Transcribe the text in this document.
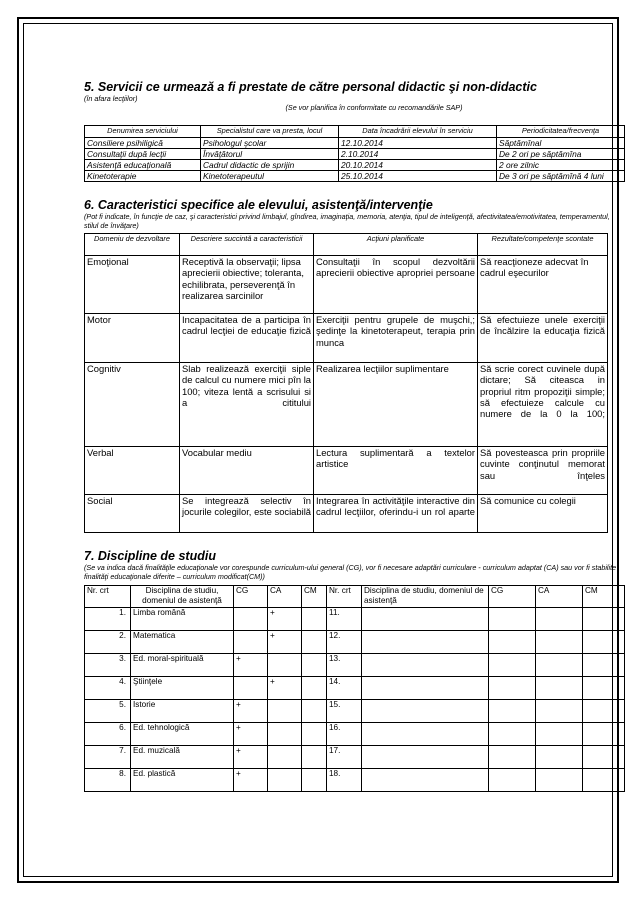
5. Servicii ce urmează a fi prestate de către personal didactic şi non-didactic
(în afara lecţiilor)
(Se vor planifica în conformitate cu recomandările SAP)
Denumirea serviciului	Specialistul care va presta, locul	Data încadrării elevului în serviciu	Periodicitatea/frecvenţa
Consiliere psihiligică	Psihologul şcolar	12.10.2014	Săptămînal
Consultaţii după lecţii	Învăţătorul	2.10.2014	De 2 ori pe săptămîna
Asistenţă educaţională	Cadrul didactic de sprijin	20.10.2014	2 ore zilnic
Kinetoterapie	Kinetoterapeutul	25.10.2014	De 3 ori pe săptămînă 4 luni
6. Caracteristici specifice ale elevului, asistenţă/intervenţie
(Pot fi indicate, în funcţie de caz, şi caracteristici privind limbajul, gîndirea, imaginaţia, memoria, atenţia, tipul de inteligenţă, afectivitatea/emotivitatea, temperamentul, stilul de învăţare)
Domeniu de dezvoltare	Descriere succintă a caracteristicii	Acţiuni planificate	Rezultate/competenţe scontate
Emoţional	Receptivă la observaţii; lipsa aprecierii obiective; toleranta, echilibrata, perseverenţă în realizarea sarcinilor	Consultaţii în scopul dezvoltării aprecierii obiective apropriei persoane	Să reacţioneze adecvat în cadrul eşecurilor
Motor	Incapacitatea de a participa în cadrul lecţiei de educaţie fizică	Exerciţii pentru grupele de muşchi,; şedinţe la kinetoterapeut, terapia prin munca	Să efectuieze unele exerciţii de încălzire la educaţia fizică
Cognitiv	Slab realizează exerciţii siple de calcul cu numere mici pîn la 100; viteza lentă a scrisului si a cititului	Realizarea lecţiilor suplimentare	Să scrie corect cuvinele după dictare; Să citeasca in propriul ritm propoziţii simple; să efectuieze calcule cu numere de la 0 la 100;
Verbal	Vocabular mediu	Lectura suplimentară a textelor artistice	Să povesteasca prin propriile cuvinte conţinutul memorat sau înţeles
Social	Se integrează selectiv în jocurile colegilor, este sociabilă	Integrarea în activităţile interactive din cadrul lecţiilor, oferindu-i un rol aparte	Să comunice cu colegii
7. Discipline de studiu
(Se va indica dacă finalităţile educaţionale vor corespunde curriculum-ului general (CG), vor fi necesare adaptări curriculare - curriculum adaptat (CA) sau vor fi stabilite finalităţi educaţionale diferite – curriculum modificat(CM))
Nr. crt	Disciplina de studiu, domeniul de asistenţă	CG	CA	CM	Nr. crt	Disciplina de studiu, domeniul de asistenţă	CG	CA	CM
1.	Limba română		+		11.				
2.	Matematica		+		12.				
3.	Ed. moral-spirituală	+			13.				
4.	Ştiinţele		+		14.				
5.	Istorie	+			15.				
6.	Ed. tehnologică	+			16.				
7.	Ed. muzicală	+			17.				
8.	Ed. plastică	+			18.				
